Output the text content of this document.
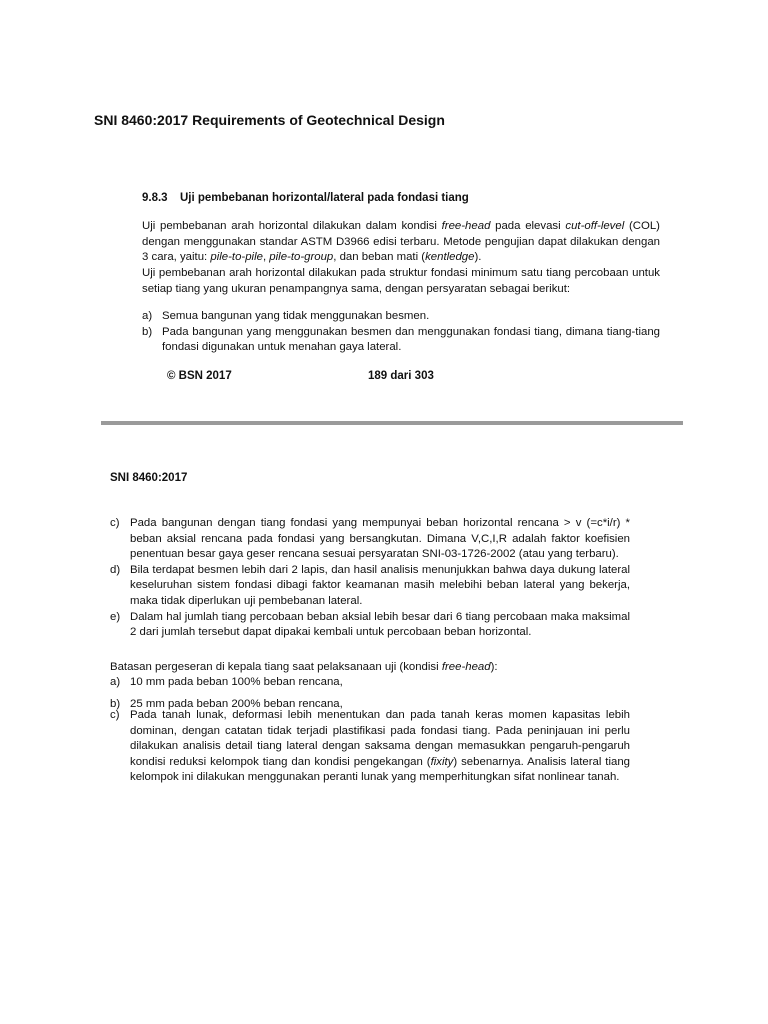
SNI 8460:2017 Requirements of Geotechnical Design
9.8.3 Uji pembebanan horizontal/lateral pada fondasi tiang
Uji pembebanan arah horizontal dilakukan dalam kondisi free-head pada elevasi cut-off-level (COL) dengan menggunakan standar ASTM D3966 edisi terbaru. Metode pengujian dapat dilakukan dengan 3 cara, yaitu: pile-to-pile, pile-to-group, dan beban mati (kentledge).
Uji pembebanan arah horizontal dilakukan pada struktur fondasi minimum satu tiang percobaan untuk setiap tiang yang ukuran penampangnya sama, dengan persyaratan sebagai berikut:
a) Semua bangunan yang tidak menggunakan besmen.
b) Pada bangunan yang menggunakan besmen dan menggunakan fondasi tiang, dimana tiang-tiang fondasi digunakan untuk menahan gaya lateral.
© BSN 2017	189 dari 303
SNI 8460:2017
c) Pada bangunan dengan tiang fondasi yang mempunyai beban horizontal rencana > v (=c*i/r) * beban aksial rencana pada fondasi yang bersangkutan. Dimana V,C,I,R adalah faktor koefisien penentuan besar gaya geser rencana sesuai persyaratan SNI-03-1726-2002 (atau yang terbaru).
d) Bila terdapat besmen lebih dari 2 lapis, dan hasil analisis menunjukkan bahwa daya dukung lateral keseluruhan sistem fondasi dibagi faktor keamanan masih melebihi beban lateral yang bekerja, maka tidak diperlukan uji pembebanan lateral.
e) Dalam hal jumlah tiang percobaan beban aksial lebih besar dari 6 tiang percobaan maka maksimal 2 dari jumlah tersebut dapat dipakai kembali untuk percobaan beban horizontal.
Batasan pergeseran di kepala tiang saat pelaksanaan uji (kondisi free-head):
a) 10 mm pada beban 100% beban rencana,
b) 25 mm pada beban 200% beban rencana,
c) Pada tanah lunak, deformasi lebih menentukan dan pada tanah keras momen kapasitas lebih dominan, dengan catatan tidak terjadi plastifikasi pada fondasi tiang. Pada peninjauan ini perlu dilakukan analisis detail tiang lateral dengan saksama dengan memasukkan pengaruh-pengaruh kondisi reduksi kelompok tiang dan kondisi pengekangan (fixity) sebenarnya. Analisis lateral tiang kelompok ini dilakukan menggunakan peranti lunak yang memperhitungkan sifat nonlinear tanah.
